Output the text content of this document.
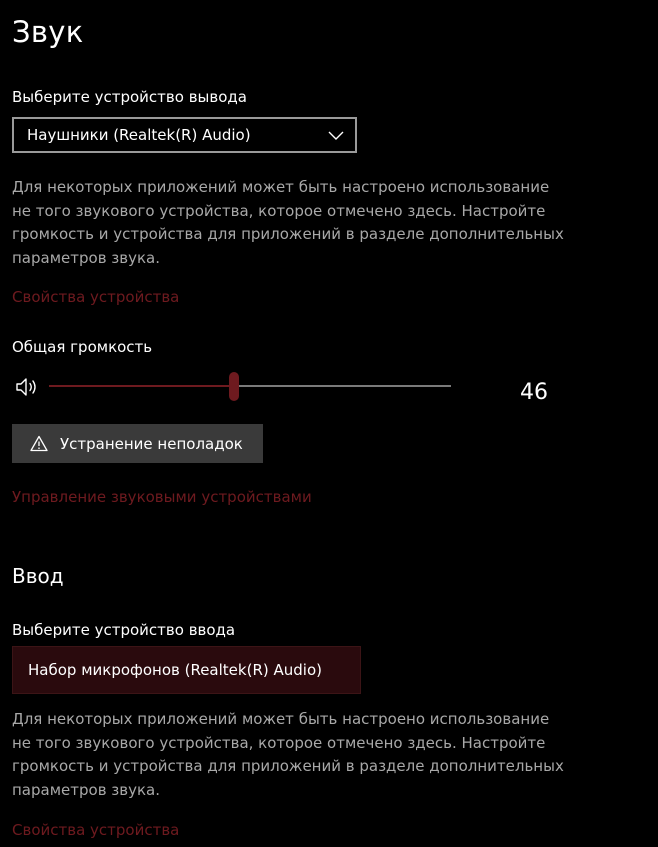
Звук
Выберите устройство вывода
Наушники (Realtek(R) Audio)
Для некоторых приложений может быть настроено использование
не того звукового устройства, которое отмечено здесь. Настройте
громкость и устройства для приложений в разделе дополнительных
параметров звука.
Свойства устройства
Общая громкость
46
Устранение неполадок
Управление звуковыми устройствами
Ввод
Выберите устройство ввода
Набор микрофонов (Realtek(R) Audio)
Для некоторых приложений может быть настроено использование
не того звукового устройства, которое отмечено здесь. Настройте
громкость и устройства для приложений в разделе дополнительных
параметров звука.
Свойства устройства
